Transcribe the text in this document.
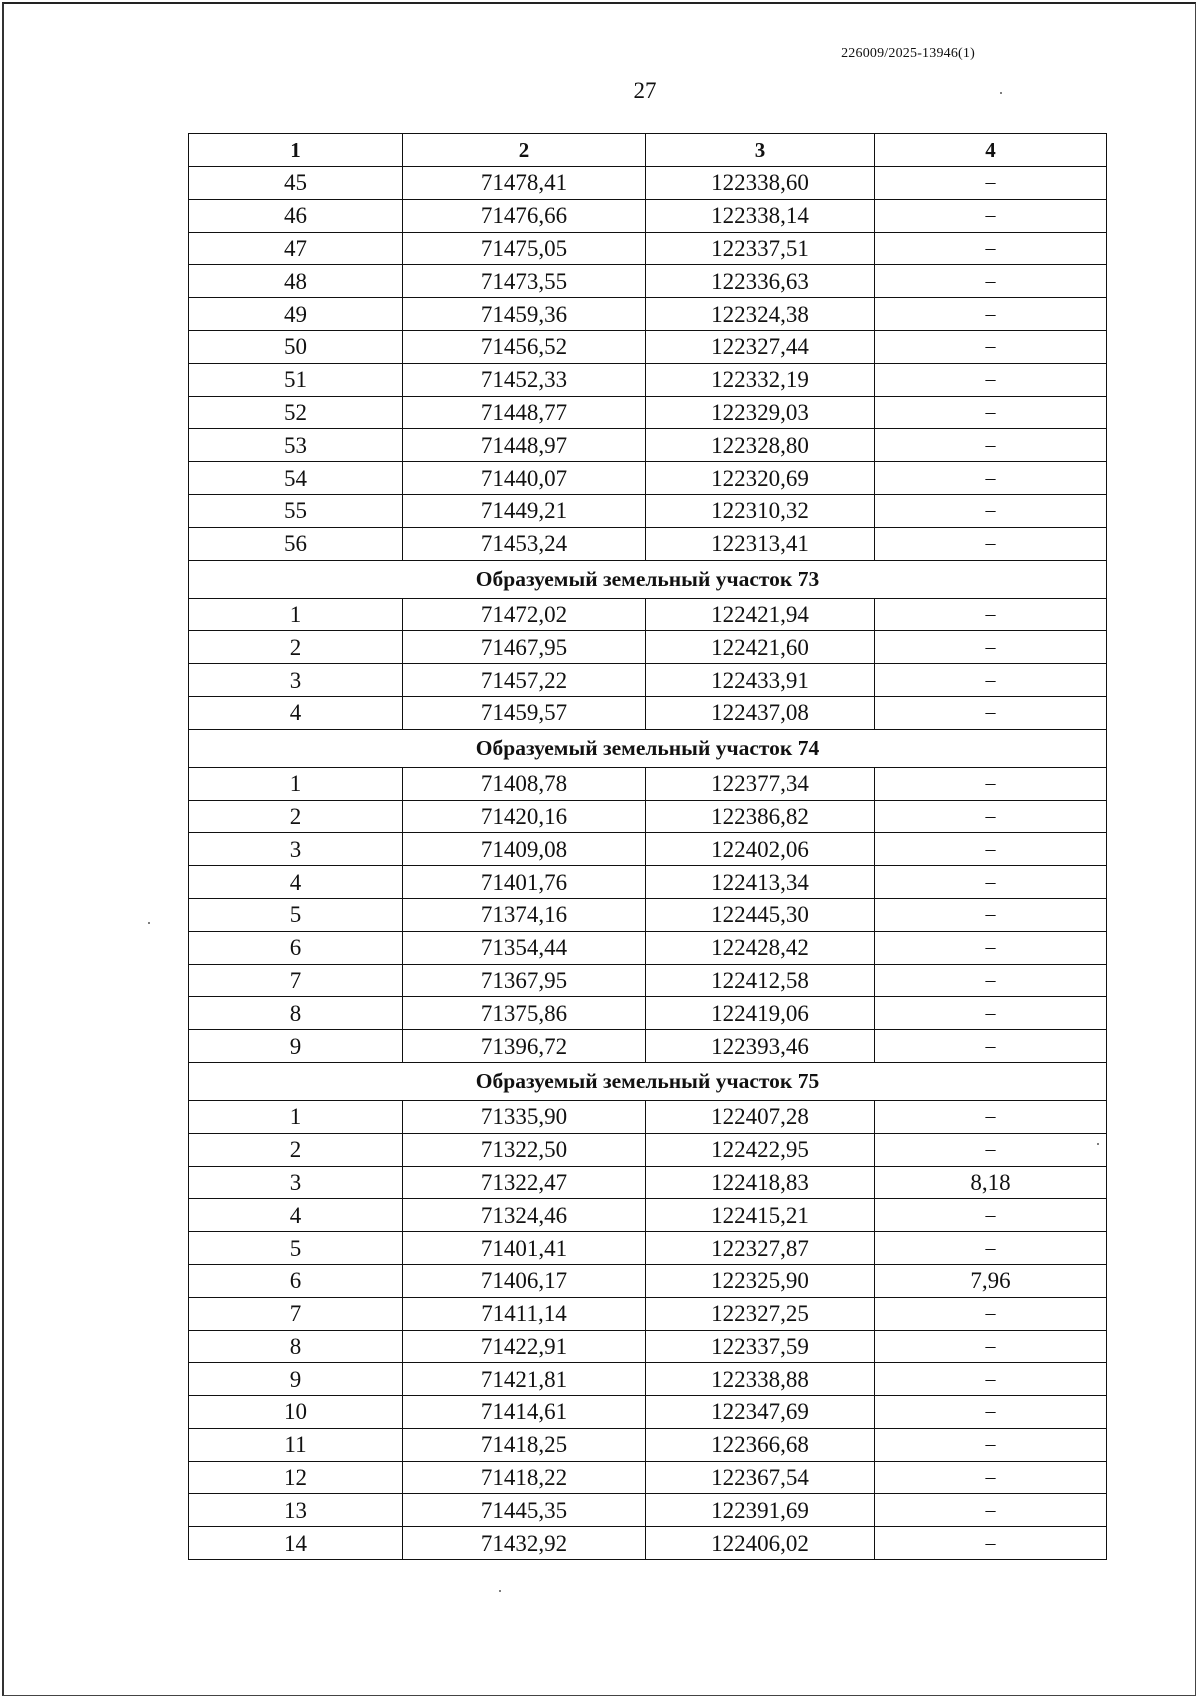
226009/2025-13946(1)
27
1	2	3	4
45	71478,41	122338,60	–
46	71476,66	122338,14	–
47	71475,05	122337,51	–
48	71473,55	122336,63	–
49	71459,36	122324,38	–
50	71456,52	122327,44	–
51	71452,33	122332,19	–
52	71448,77	122329,03	–
53	71448,97	122328,80	–
54	71440,07	122320,69	–
55	71449,21	122310,32	–
56	71453,24	122313,41	–
Образуемый земельный участок 73			
1	71472,02	122421,94	–
2	71467,95	122421,60	–
3	71457,22	122433,91	–
4	71459,57	122437,08	–
Образуемый земельный участок 74			
1	71408,78	122377,34	–
2	71420,16	122386,82	–
3	71409,08	122402,06	–
4	71401,76	122413,34	–
5	71374,16	122445,30	–
6	71354,44	122428,42	–
7	71367,95	122412,58	–
8	71375,86	122419,06	–
9	71396,72	122393,46	–
Образуемый земельный участок 75			
1	71335,90	122407,28	–
2	71322,50	122422,95	–
3	71322,47	122418,83	8,18
4	71324,46	122415,21	–
5	71401,41	122327,87	–
6	71406,17	122325,90	7,96
7	71411,14	122327,25	–
8	71422,91	122337,59	–
9	71421,81	122338,88	–
10	71414,61	122347,69	–
11	71418,25	122366,68	–
12	71418,22	122367,54	–
13	71445,35	122391,69	–
14	71432,92	122406,02	–
